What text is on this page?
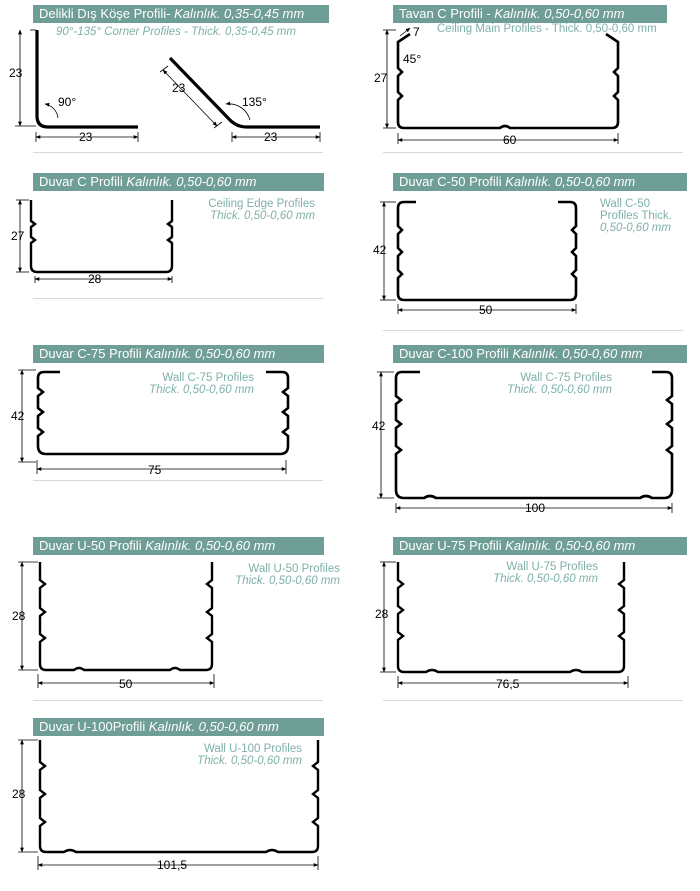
Delikli Dış Köşe Profili- Kalınlık. 0,35-0,45 mm	Tavan C Profili - Kalınlık. 0,50-0,60 mm
Duvar C Profili Kalınlık. 0,50-0,60 mm	Duvar C-50 Profili Kalınlık. 0,50-0,60 mm
Duvar C-75 Profili Kalınlık. 0,50-0,60 mm	Duvar C-100 Profili Kalınlık. 0,50-0,60 mm
Duvar U-50 Profili Kalınlık. 0,50-0,60 mm	Duvar U-75 Profili Kalınlık. 0,50-0,60 mm
Duvar U-100Profili Kalınlık. 0,50-0,60 mm
90°-135° Corner Profiles - Thick. 0,35-0,45 mm	Ceiling Main Profiles - Thick. 0,50-0,60 mm
Ceiling Edge Profiles
Thick. 0,50-0,60 mm
Wall C-50
Profiles Thick.
0,50-0,60 mm
Wall C-75 Profiles
Thick. 0,50-0,60 mm
Wall C-75 Profiles
Thick. 0,50-0,60 mm
Wall U-50 Profiles
Thick. 0,50-0,60 mm
Wall U-75 Profiles
Thick. 0,50-0,60 mm
Wall U-100 Profiles
Thick. 0,50-0,60 mm
23
23
90°
23
23
135°
7
45°
27
60
27
28
42
50
42
75
42
100
28
50
28
76,5
28
101,5
